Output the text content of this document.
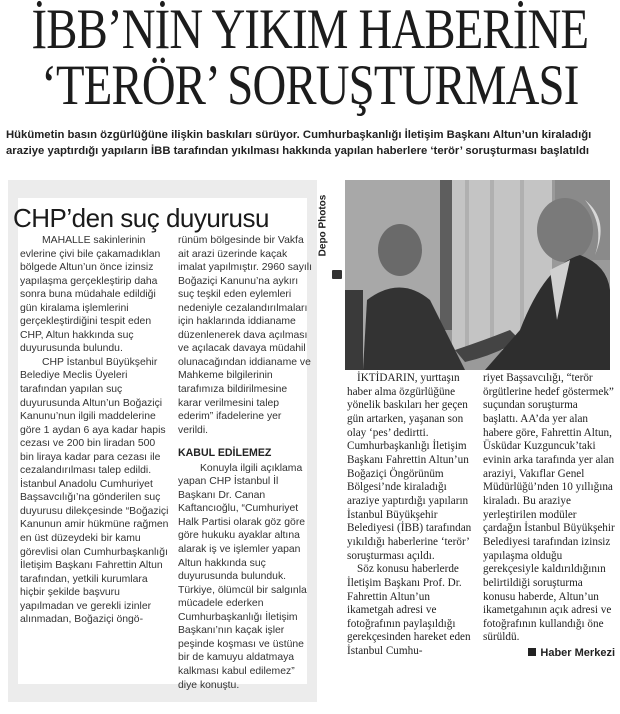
İBB’NİN YIKIM HABERİNE
‘TERÖR’ SORUŞTURMASI
Hükümetin basın özgürlüğüne ilişkin baskıları sürüyor. Cumhurbaşkanlığı İletişim Başkanı Altun’un kiraladığı
araziye yaptırdığı yapıların İBB tarafından yıkılması hakkında yapılan haberlere ‘terör’ soruşturması başlatıldı
CHP’den suç duyurusu

MAHALLE sakinlerinin evlerine çivi bile çakamadıklan bölgede Altun’un önce izinsiz yapılaşma gerçekleştirip daha sonra buna müdahale edildiği gün kiralama işlemlerini gerçekleştirdiğini tespit eden CHP, Altun hakkında suç duyurusunda bulundu.

CHP İstanbul Büyükşehir Belediye Meclis Üyeleri tarafından yapılan suç duyurusunda Altun’un Boğaziçi Kanunu’nun ilgili maddelerine göre 1 aydan 6 aya kadar hapis cezası ve 200 bin liradan 500 bin liraya kadar para cezası ile cezalandırılması talep edildi. İstanbul Anadolu Cumhuriyet Başsavcılığı’na gönderilen suç duyurusu dilekçesinde “Boğaziçi Kanunun amir hükmüne rağmen en üst düzeydeki bir kamu görevlisi olan Cumhurbaşkanlığı İletişim Başkanı Fahrettin Altun tarafından, yetkili kurumlara hiçbir şekilde başvuru yapılmadan ve gerekli izinler alınmadan, Boğaziçi öngö-

rünüm bölgesinde bir Vakfa ait arazi üzerinde kaçak imalat yapılmıştır. 2960 sayılı Boğaziçi Kanunu’na aykırı suç teşkil eden eylemleri nedeniyle cezalandırılmaları için haklarında iddianame düzenlenerek dava açılması ve açılacak davaya müdahil olunacağından iddianame ve Mahkeme bilgilerinin tarafımıza bildirilmesine karar verilmesini talep ederim” ifadelerine yer verildi.

KABUL EDİLEMEZ

Konuyla ilgili açıklama yapan CHP İstanbul İl Başkanı Dr. Canan Kaftancıoğlu, “Cumhuriyet Halk Partisi olarak göz göre göre hukuku ayaklar altına alarak iş ve işlemler yapan Altun hakkında suç duyurusunda bulunduk. Türkiye, ölümcül bir salgınla mücadele ederken Cumhurbaşkanlığı İletişim Başkanı’nın kaçak işler peşinde koşması ve üstüne bir de kamuyu aldatmaya kalkması kabul edilemez” diye konuştu.

Depo Photos

İKTİDARIN, yurttaşın haber alma özgürlüğüne yönelik baskıları her geçen gün artarken, yaşanan son olay ‘pes’ dedirtti. Cumhurbaşkanlığı İletişim Başkanı Fahrettin Altun’un Boğaziçi Öngörünüm Bölgesi’nde kiraladığı araziye yaptırdığı yapıların İstanbul Büyükşehir Belediyesi (İBB) tarafından yıkıldığı haberlerine ‘terör’ soruşturması açıldı.

Söz konusu haberlerde İletişim Başkanı Prof. Dr. Fahrettin Altun’un ikametgah adresi ve fotoğrafının paylaşıldığı gerekçesinden hareket eden İstanbul Cumhu-

riyet Başsavcılığı, “terör örgütlerine hedef göstermek” suçundan soruşturma başlattı. AA’da yer alan habere göre, Fahrettin Altun, Üsküdar Kuzguncuk’taki evinin arka tarafında yer alan araziyi, Vakıflar Genel Müdürlüğü’nden 10 yıllığına kiraladı. Bu araziye yerleştirilen modüler çardağın İstanbul Büyükşehir Belediyesi tarafından izinsiz yapılaşma olduğu gerekçesiyle kaldırıldığının belirtildiği soruşturma konusu haberde, Altun’un ikametgahının açık adresi ve fotoğrafının kullandığı öne sürüldü.

Haber Merkezi
